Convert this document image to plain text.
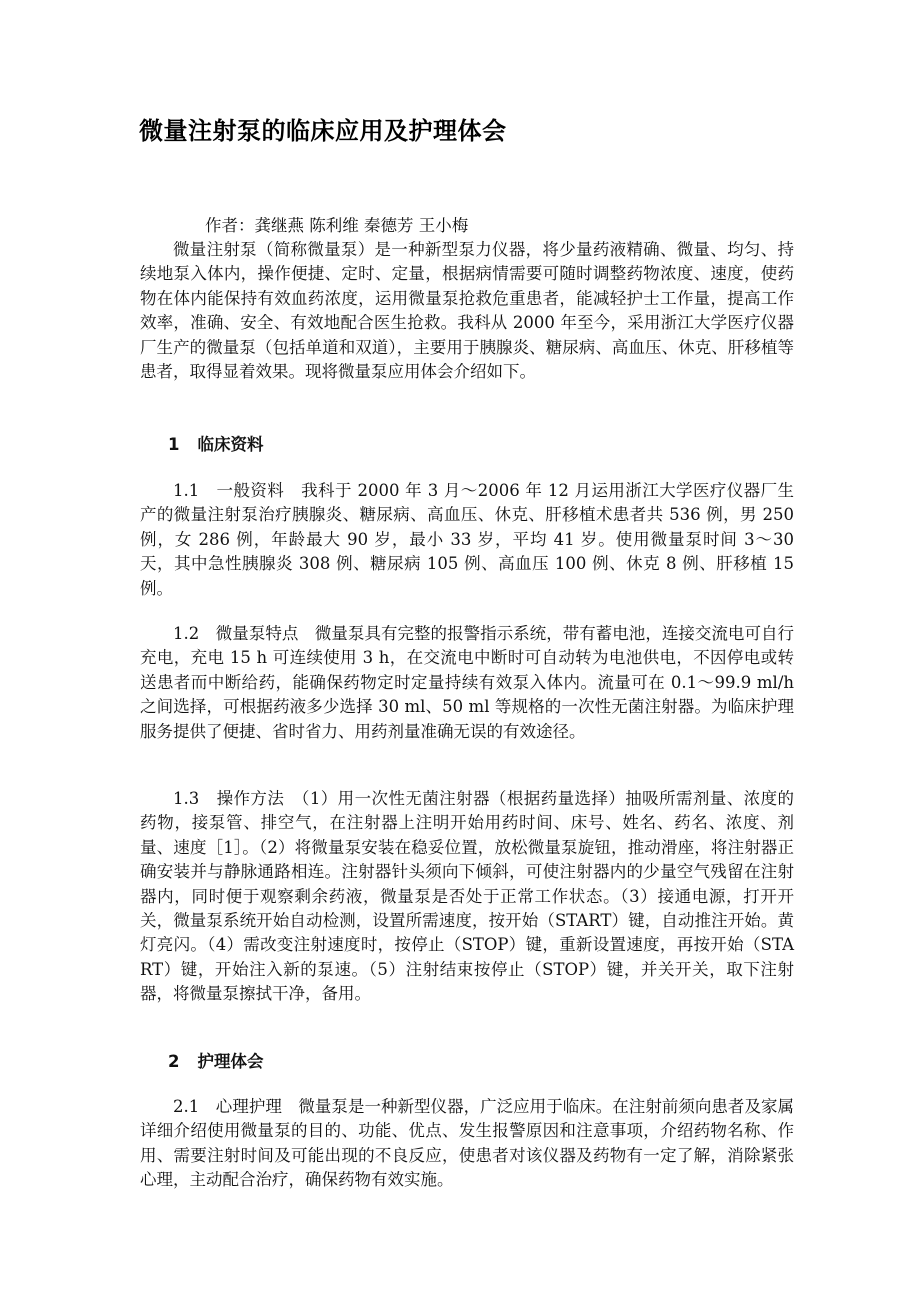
微量注射泵的临床应用及护理体会

作者：龚继燕 陈利维 秦德芳 王小梅

微量注射泵（简称微量泵）是一种新型泵力仪器，将少量药液精确、微量、均匀、持续地泵入体内，操作便捷、定时、定量，根据病情需要可随时调整药物浓度、速度，使药物在体内能保持有效血药浓度，运用微量泵抢救危重患者，能减轻护士工作量，提高工作效率，准确、安全、有效地配合医生抢救。我科从 2000 年至今，采用浙江大学医疗仪器厂生产的微量泵（包括单道和双道），主要用于胰腺炎、糖尿病、高血压、休克、肝移植等患者，取得显着效果。现将微量泵应用体会介绍如下。

1 临床资料

1.1　一般资料　我科于 2000 年 3 月～2006 年 12 月运用浙江大学医疗仪器厂生产的微量注射泵治疗胰腺炎、糖尿病、高血压、休克、肝移植术患者共 536 例，男 250 例，女 286 例，年龄最大 90 岁，最小 33 岁，平均 41 岁。使用微量泵时间 3～30 天，其中急性胰腺炎 308 例、糖尿病 105 例、高血压 100 例、休克 8 例、肝移植 15 例。

1.2　微量泵特点　微量泵具有完整的报警指示系统，带有蓄电池，连接交流电可自行充电，充电 15 h 可连续使用 3 h，在交流电中断时可自动转为电池供电，不因停电或转送患者而中断给药，能确保药物定时定量持续有效泵入体内。流量可在 0.1～99.9 ml/h 之间选择，可根据药液多少选择 30 ml、50 ml 等规格的一次性无菌注射器。为临床护理服务提供了便捷、省时省力、用药剂量准确无误的有效途径。

1.3　操作方法　（1）用一次性无菌注射器（根据药量选择）抽吸所需剂量、浓度的药物，接泵管、排空气，在注射器上注明开始用药时间、床号、姓名、药名、浓度、剂量、速度［1］。（2）将微量泵安装在稳妥位置，放松微量泵旋钮，推动滑座，将注射器正确安装并与静脉通路相连。注射器针头须向下倾斜，可使注射器内的少量空气残留在注射器内，同时便于观察剩余药液，微量泵是否处于正常工作状态。（3）接通电源，打开开关，微量泵系统开始自动检测，设置所需速度，按开始（START）键，自动推注开始。黄灯亮闪。（4）需改变注射速度时，按停止（STOP）键，重新设置速度，再按开始（START）键，开始注入新的泵速。（5）注射结束按停止（STOP）键，并关开关，取下注射器，将微量泵擦拭干净，备用。

2 护理体会

2.1　心理护理　微量泵是一种新型仪器，广泛应用于临床。在注射前须向患者及家属详细介绍使用微量泵的目的、功能、优点、发生报警原因和注意事项，介绍药物名称、作用、需要注射时间及可能出现的不良反应，使患者对该仪器及药物有一定了解，消除紧张心理，主动配合治疗，确保药物有效实施。
